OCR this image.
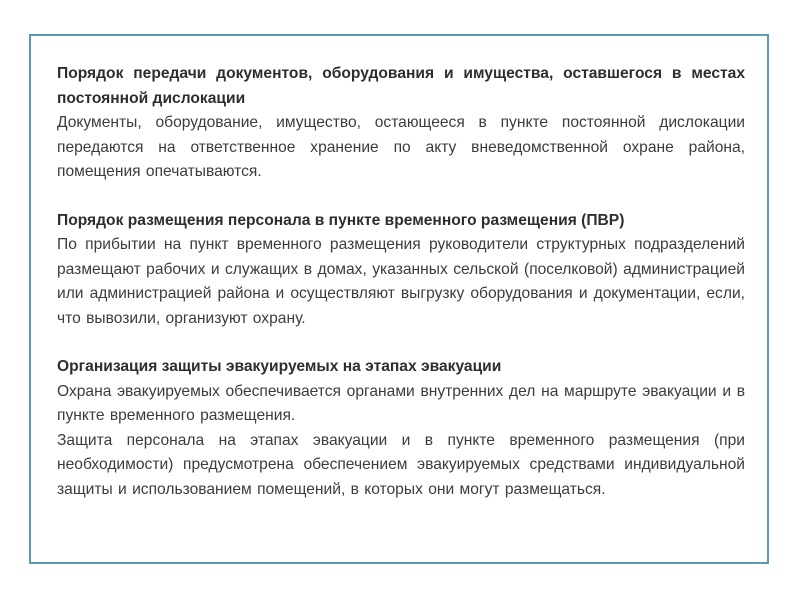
Порядок передачи документов, оборудования и имущества, оставшегося в местах постоянной дислокации

Документы, оборудование, имущество, остающееся в пункте постоянной дислокации передаются на ответственное хранение по акту вневедомственной охране района, помещения опечатываются.

Порядок размещения персонала в пункте временного размещения (ПВР)

По прибытии на пункт временного размещения руководители структурных подразделений размещают рабочих и служащих в домах, указанных сельской (поселковой) администрацией или администрацией района и осуществляют выгрузку оборудования и документации, если, что вывозили, организуют охрану.

Организация защиты эвакуируемых на этапах эвакуации

Охрана эвакуируемых обеспечивается органами внутренних дел на маршруте эвакуации и в пункте временного размещения.

Защита персонала на этапах эвакуации и в пункте временного размещения (при необходимости) предусмотрена обеспечением эвакуируемых средствами индивидуальной защиты и использованием помещений, в которых они могут размещаться.
